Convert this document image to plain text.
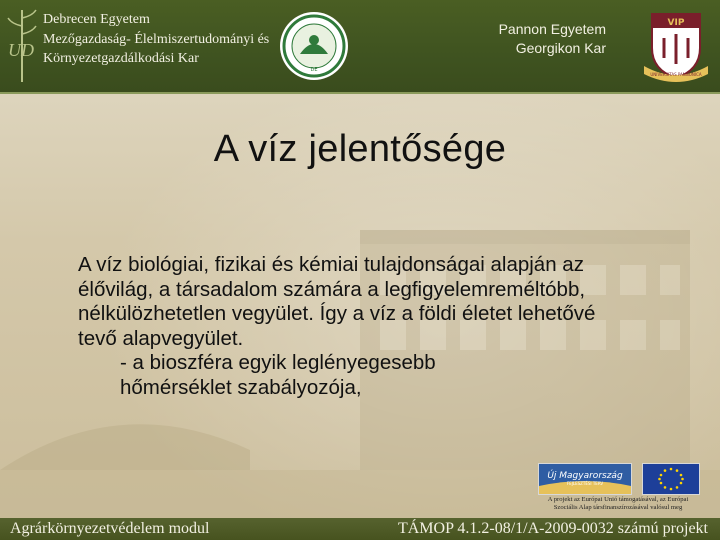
UD
Debrecen Egyetem
Mezőgazdaság- Élelmiszertudományi és
Környezetgazdálkodási Kar
DE
Pannon Egyetem
Georgikon Kar
VIP
UNIVERSITAS PANNONICA
A víz jelentősége
A víz biológiai, fizikai és kémiai tulajdonságai alapján az
élővilág, a társadalom számára a legfigyelemreméltóbb,
nélkülözhetetlen vegyület. Így a víz a földi életet lehetővé
tevő alapvegyület.
- a bioszféra egyik leglényegesebb
hőmérséklet szabályozója,
Új Magyarország
FEJLESZTÉSI TERV
A projekt az Európai Unió támogatásával, az Európai
Szociális Alap társfinanszírozásával valósul meg
Agrárkörnyezetvédelem modul	TÁMOP 4.1.2-08/1/A-2009-0032 számú projekt
